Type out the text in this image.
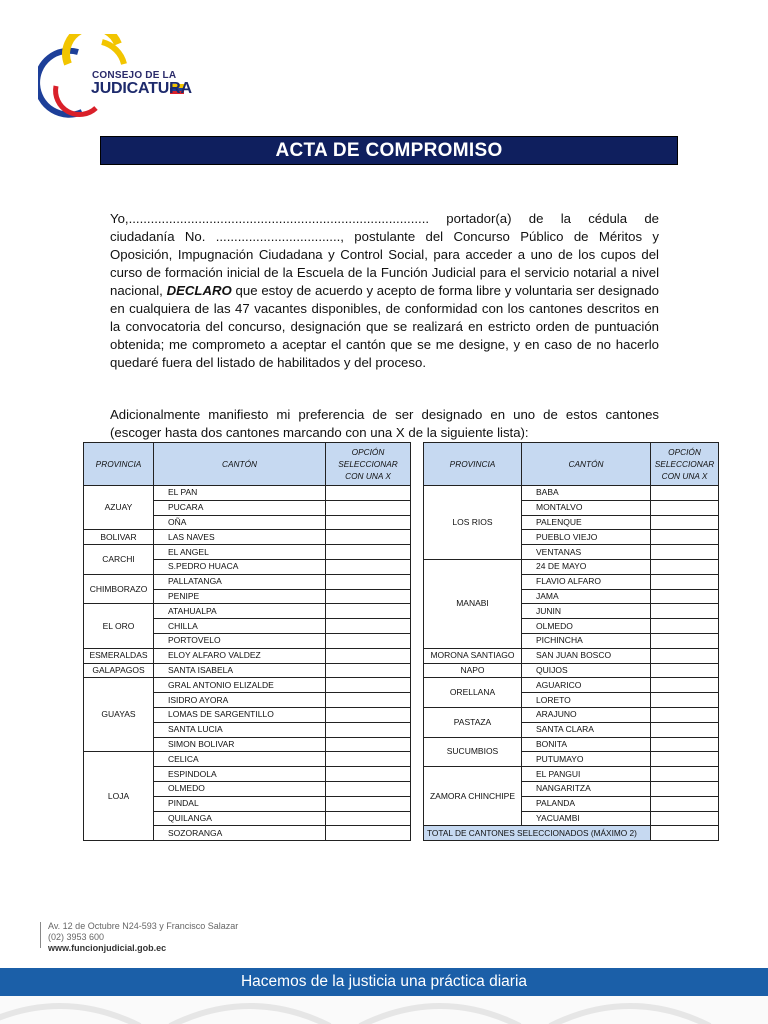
CONSEJO DE LA
JUDICATURA
ACTA DE COMPROMISO
Yo,.................................................................................. portador(a) de la cédula de ciudadanía No. .................................., postulante del Concurso Público de Méritos y Oposición, Impugnación Ciudadana y Control Social, para acceder a uno de los cupos del curso de formación inicial de la Escuela de la Función Judicial para el servicio notarial a nivel nacional, DECLARO que estoy de acuerdo y acepto de forma libre y voluntaria ser designado en cualquiera de las 47 vacantes disponibles, de conformidad con los cantones descritos en la convocatoria del concurso, designación que se realizará en estricto orden de puntuación obtenida; me comprometo a aceptar el cantón que se me designe, y en caso de no hacerlo quedaré fuera del listado de habilitados y del proceso.
Adicionalmente manifiesto mi preferencia de ser designado en uno de estos cantones (escoger hasta dos cantones marcando con una X de la siguiente lista):
PROVINCIA	CANTÓN	OPCIÓN SELECCIONAR CON UNA X
AZUAY	EL PAN	
	PUCARA	
	OÑA	
BOLIVAR	LAS NAVES	
CARCHI	EL ANGEL	
	S.PEDRO HUACA	
CHIMBORAZO	PALLATANGA	
	PENIPE	
EL ORO	ATAHUALPA	
	CHILLA	
	PORTOVELO	
ESMERALDAS	ELOY ALFARO VALDEZ	
GALAPAGOS	SANTA ISABELA	
GUAYAS	GRAL ANTONIO ELIZALDE	
	ISIDRO AYORA	
	LOMAS DE SARGENTILLO	
	SANTA LUCIA	
	SIMON BOLIVAR	
LOJA	CELICA	
	ESPINDOLA	
	OLMEDO	
	PINDAL	
	QUILANGA	
	SOZORANGA	
PROVINCIA	CANTÓN	OPCIÓN SELECCIONAR CON UNA X
LOS RIOS	BABA	
	MONTALVO	
	PALENQUE	
	PUEBLO VIEJO	
	VENTANAS	
MANABI	24 DE MAYO	
	FLAVIO ALFARO	
	JAMA	
	JUNIN	
	OLMEDO	
	PICHINCHA	
MORONA SANTIAGO	SAN JUAN BOSCO	
NAPO	QUIJOS	
ORELLANA	AGUARICO	
	LORETO	
PASTAZA	ARAJUNO	
	SANTA CLARA	
SUCUMBIOS	BONITA	
	PUTUMAYO	
ZAMORA CHINCHIPE	EL PANGUI	
	NANGARITZA	
	PALANDA	
	YACUAMBI	
TOTAL DE CANTONES SELECCIONADOS (MÁXIMO 2)		
Av. 12 de Octubre N24-593 y Francisco Salazar
(02) 3953 600
www.funcionjudicial.gob.ec
Hacemos de la justicia una práctica diaria
